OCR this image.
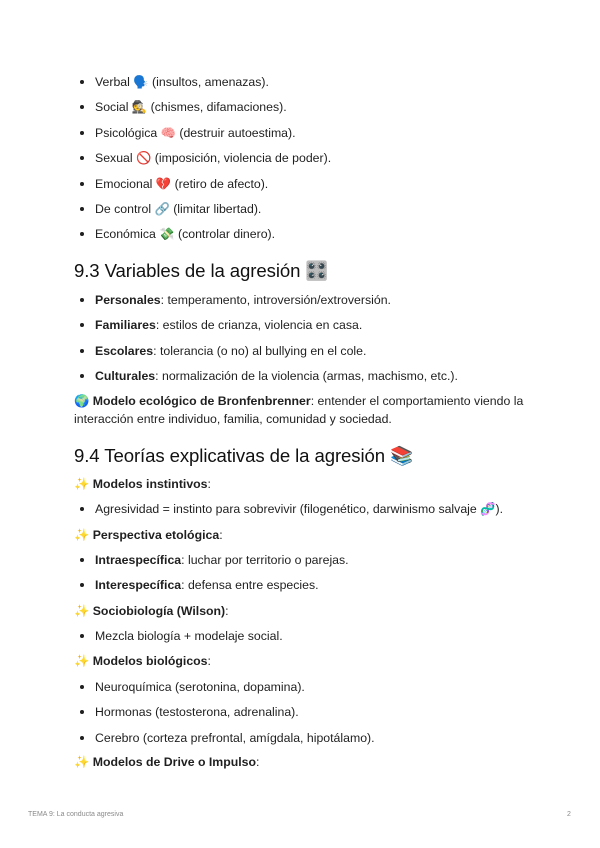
Verbal 🗣️ (insultos, amenazas).
Social 🕵️ (chismes, difamaciones).
Psicológica 🧠 (destruir autoestima).
Sexual 🚫 (imposición, violencia de poder).
Emocional 💔 (retiro de afecto).
De control 🔗 (limitar libertad).
Económica 💸 (controlar dinero).
9.3 Variables de la agresión 🎛️
Personales: temperamento, introversión/extroversión.
Familiares: estilos de crianza, violencia en casa.
Escolares: tolerancia (o no) al bullying en el cole.
Culturales: normalización de la violencia (armas, machismo, etc.).

🌍 Modelo ecológico de Bronfenbrenner: entender el comportamiento viendo la interacción entre individuo, familia, comunidad y sociedad.

9.4 Teorías explicativas de la agresión 📚
✨ Modelos instintivos:
Agresividad = instinto para sobrevivir (filogenético, darwinismo salvaje 🧬).
✨ Perspectiva etológica:
Intraespecífica: luchar por territorio o parejas.
Interespecífica: defensa entre especies.
✨ Sociobiología (Wilson):
Mezcla biología + modelaje social.
✨ Modelos biológicos:
Neuroquímica (serotonina, dopamina).
Hormonas (testosterona, adrenalina).
Cerebro (corteza prefrontal, amígdala, hipotálamo).
✨ Modelos de Drive o Impulso:
TEMA 9: La conducta agresiva	2
